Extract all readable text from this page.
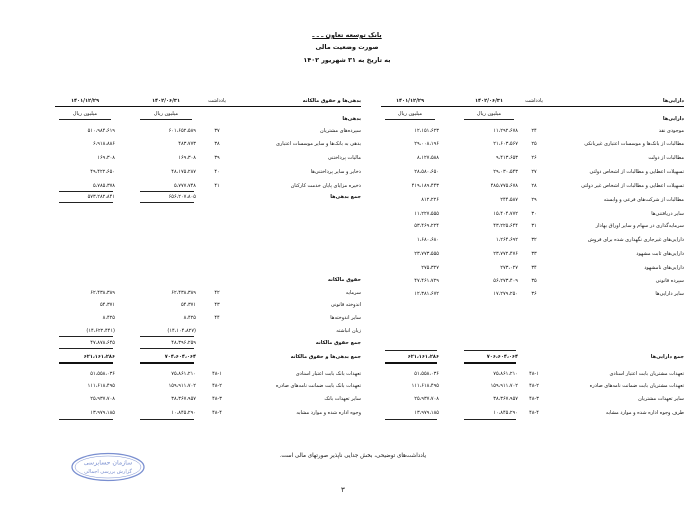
بانک توسعه تعاون ـ ـ ـ
صورت وضعیت مالی
به تاریخ به ۳۱ شهریور ۱۴۰۲
دارایی‌ها
یادداشت
۱۴۰۲/۰۶/۳۱
۱۴۰۱/۱۲/۲۹
میلیون ریال
میلیون ریال
دارایی‌ها
موجودی نقد
۲۴
۱۱،۲۹۲،۶۷۸
۱۲،۱۵۱،۶۲۳
مطالبات از بانک‌ها و موسسات اعتباری غیربانکی
۲۵
۲۱،۶۰۳،۵۶۷
۲۹،۰۰۸،۱۹۶
مطالبات از دولت
۲۶
۹،۴۱۳،۶۵۳
۸،۱۲۷،۵۸۸
تسهیلات اعطایی و مطالبات از اشخاص دولتی
۲۷
۲۹،۰۳۰،۵۴۳
۲۸،۵۸۰،۶۵۰
تسهیلات اعطایی و مطالبات از اشخاص غیر دولتی
۲۸
۴۸۵،۷۷۵،۶۷۸
۴۱۹،۱۸۹،۴۴۳
مطالبات از شرکت‌های فرعی و وابسته
۲۹
۲۴۴،۵۸۷
۸۱۲،۲۲۶
سایر دریافتنی‌ها
۳۰
۱۵،۴۰۴،۷۷۲
۱۱،۲۲۷،۵۵۵
سرمایه‌گذاری در سهام و سایر اوراق بهادار
۳۱
۴۳،۲۲۵،۶۴۴
۵۳،۴۶۹،۲۲۴
دارایی‌های غیرجاری نگهداری شده برای فروش
۳۲
۱،۲۶۴،۶۹۲
۱،۶۸۰،۶۸۰
دارایی‌های ثابت مشهود
۳۳
۲۳،۷۷۲،۴۷۶
۲۳،۷۷۳،۵۵۵
دارایی‌های نامشهود
۳۴
۲۷۳،۰۲۷
۲۷۵،۳۲۷
سپرده قانونی
۳۵
۵۶،۲۷۳،۴۰۹
۴۷،۴۶۱،۷۲۹
سایر دارایی‌ها
۳۶
۱۷،۲۷۹،۲۵۰
۱۲،۳۸۱،۶۷۲
جمع دارایی‌ها
۷۰۶،۶۰۴،۰۶۴
۶۲۱،۱۶۱،۲۸۶
تعهدات مشتریان بابت اعتبار اسنادی
۴۸-۱
۷۵،۸۶۱،۲۱۰
۵۱،۵۵۸،۰۳۶
تعهدات مشتریان بابت ضمانت نامه‌های صادره
۴۸-۲
۱۵۹،۹۱۱،۷۰۲
۱۱۱،۶۱۸،۴۹۵
سایر تعهدات مشتریان
۴۸-۳
۳۸،۳۶۷،۹۵۷
۲۵،۹۳۷،۷۰۸
طرف وجوه اداره شده و موارد مشابه
۴۸-۴
۱۰،۸۴۵،۲۹۰
۱۳،۹۷۹،۱۸۵
بدهی‌ها و حقوق مالکانه
یادداشت
۱۴۰۲/۰۶/۳۱
۱۴۰۱/۱۲/۲۹
میلیون ریال
میلیون ریال
بدهی‌ها
سپرده‌های مشتریان
۳۷
۶۰۱،۶۵۲،۵۸۹
۵۱۰،۹۸۴،۶۱۹
بدهی به بانک‌ها و سایر موسسات اعتباری
۳۸
۴۸۳،۷۷۳
۶،۹۱۸،۸۸۶
مالیات پرداختنی
۳۹
۱۶۹،۳۰۸
۱۶۹،۳۰۸
ذخایر و سایر پرداختنی‌ها
۴۰
۴۸،۱۷۵،۲۸۷
۴۹،۴۲۲،۶۵۰
ذخیره مزایای پایان خدمت کارکنان
۴۱
۵،۷۷۷،۷۴۸
۵،۷۸۵،۳۷۸
جمع بدهی‌ها
۶۵۶،۲۰۷،۸۰۵
۵۷۳،۲۸۲،۸۴۱
حقوق مالکانه
سرمایه
۴۲
۶۲،۴۳۸،۳۸۹
۶۲،۴۳۸،۳۸۹
اندوخته قانونی
۴۳
۵۴،۳۷۱
۵۴،۳۷۱
سایر اندوخته‌ها
۴۴
۸،۴۲۵
۸،۴۲۵
زیان انباشته
(۱۴،۱۰۴،۸۲۷)
(۱۴،۶۲۲،۴۴۱)
جمع حقوق مالکانه
۴۸،۳۹۶،۲۵۹
۴۷،۸۷۸،۶۴۵
جمع بدهی‌ها و حقوق مالکانه
۷۰۴،۶۰۴،۰۶۴
۶۲۱،۱۶۱،۲۸۶
تعهدات بانک بابت اعتبار اسنادی
۴۸-۱
۷۵،۸۶۱،۲۱۰
۵۱،۵۵۸،۰۳۶
تعهدات بانک بابت ضمانت نامه‌های صادره
۴۸-۲
۱۵۹،۹۱۱،۷۰۲
۱۱۱،۶۱۸،۴۹۵
سایر تعهدات بانک
۴۸-۳
۳۸،۳۶۷،۹۵۷
۲۵،۹۳۷،۷۰۸
وجوه اداره شده و موارد مشابه
۴۸-۴
۱۰،۸۴۵،۲۹۰
۱۳،۹۷۹،۱۸۵
یادداشت‌های توضیحی، بخش جدایی ناپذیر صورتهای مالی است.
سازمان حسابرسی
گزارش بررسی اجمالی
۳
